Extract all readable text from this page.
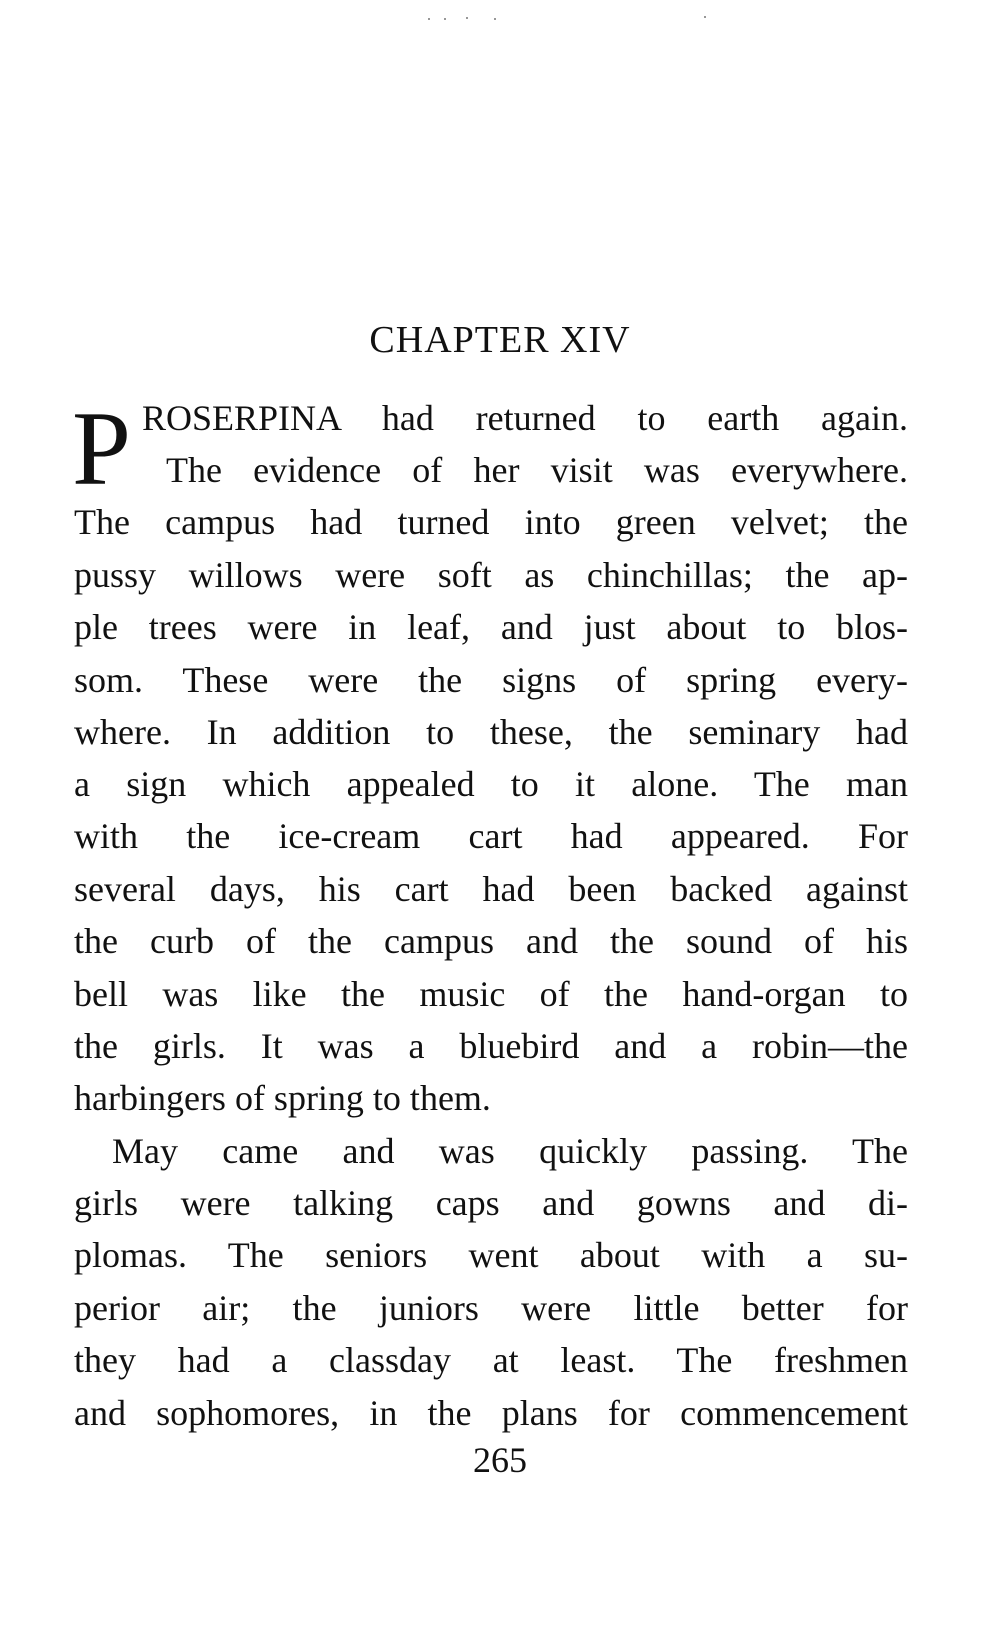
CHAPTER XIV
P ROSERPINA had returned to earth again.
The evidence of her visit was everywhere.
The campus had turned into green velvet; the
pussy willows were soft as chinchillas; the ap-
ple trees were in leaf, and just about to blos-
som. These were the signs of spring every-
where. In addition to these, the seminary had
a sign which appealed to it alone. The man
with the ice-cream cart had appeared. For
several days, his cart had been backed against
the curb of the campus and the sound of his
bell was like the music of the hand-organ to
the girls. It was a bluebird and a robin—the
harbingers of spring to them.
May came and was quickly passing. The
girls were talking caps and gowns and di-
plomas. The seniors went about with a su-
perior air; the juniors were little better for
they had a classday at least. The freshmen
and sophomores, in the plans for commencement
265
